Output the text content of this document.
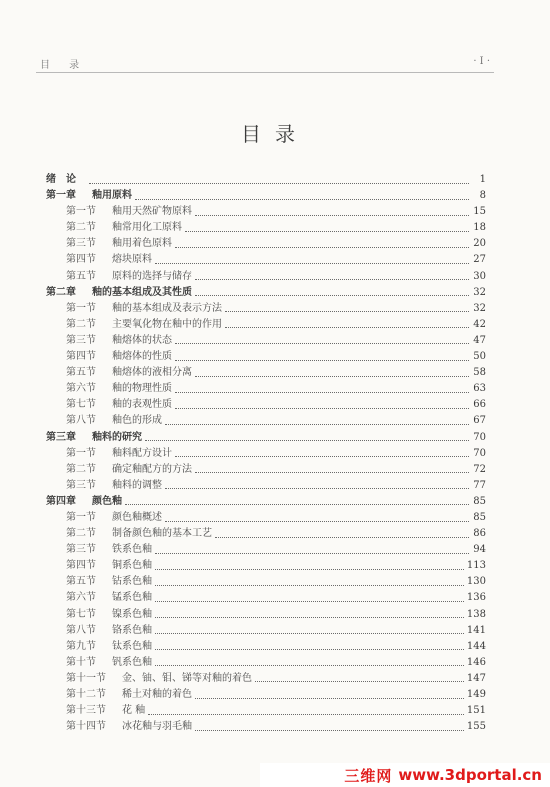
目 录	· I ·
目录
绪论	1
第一章	釉用原料	8
第一节	釉用天然矿物原料	15
第二节	釉常用化工原料	18
第三节	釉用着色原料	20
第四节	熔块原料	27
第五节	原料的选择与储存	30
第二章	釉的基本组成及其性质	32
第一节	釉的基本组成及表示方法	32
第二节	主要氧化物在釉中的作用	42
第三节	釉熔体的状态	47
第四节	釉熔体的性质	50
第五节	釉熔体的液相分离	58
第六节	釉的物理性质	63
第七节	釉的表观性质	66
第八节	釉色的形成	67
第三章	釉料的研究	70
第一节	釉料配方设计	70
第二节	确定釉配方的方法	72
第三节	釉料的调整	77
第四章	颜色釉	85
第一节	颜色釉概述	85
第二节	制备颜色釉的基本工艺	86
第三节	铁系色釉	94
第四节	铜系色釉	113
第五节	钴系色釉	130
第六节	锰系色釉	136
第七节	镍系色釉	138
第八节	铬系色釉	141
第九节	钛系色釉	144
第十节	钒系色釉	146
第十一节	金、铀、钼、锑等对釉的着色	147
第十二节	稀土对釉的着色	149
第十三节	花 釉	151
第十四节	冰花釉与羽毛釉	155
三维网 www.3dportal.cn
